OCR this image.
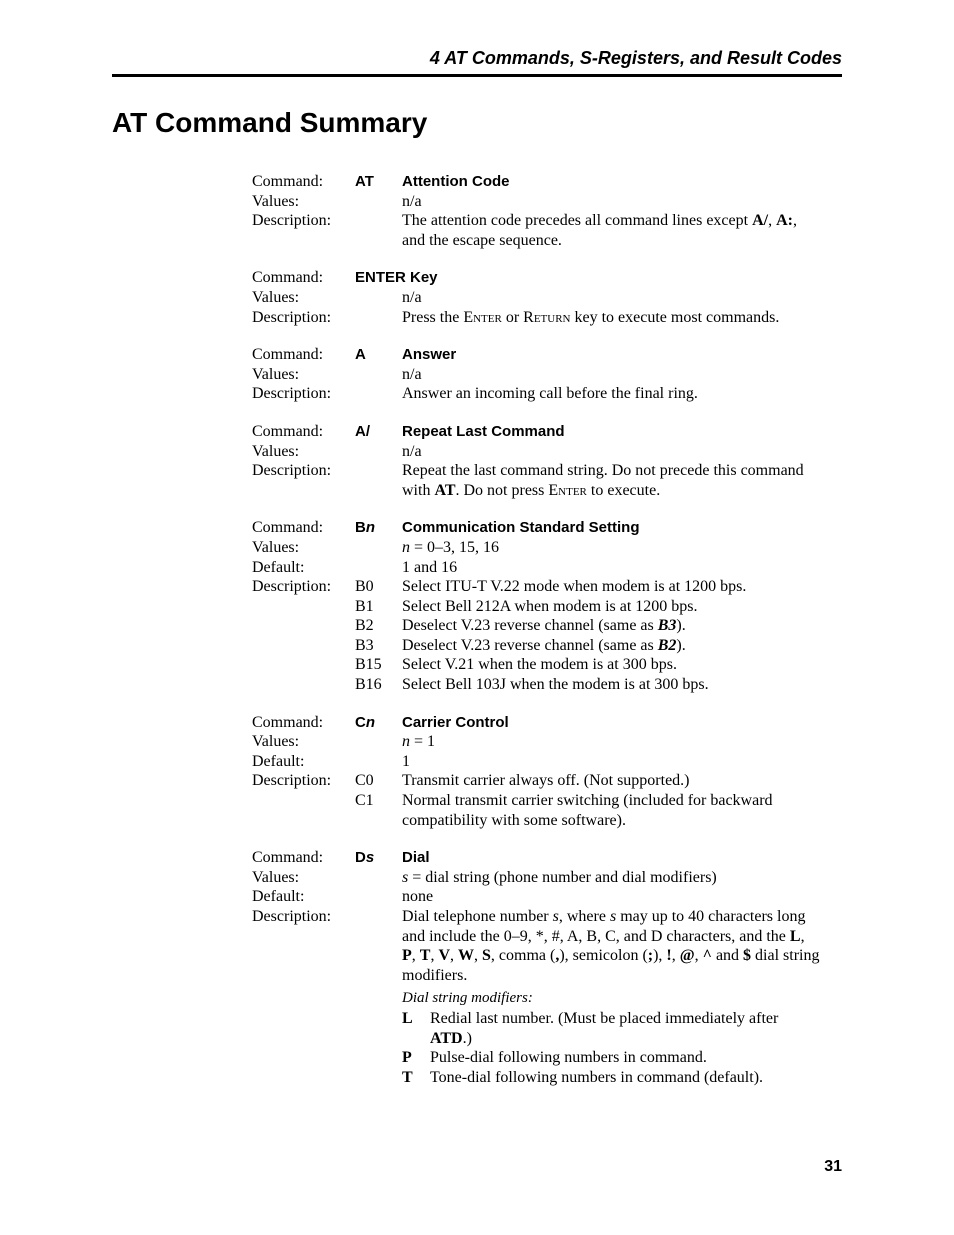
4 AT Commands, S-Registers, and Result Codes
AT Command Summary
Command:	AT	Attention Code
Values:	n/a
Description:	The attention code precedes all command lines except A/, A:,
and the escape sequence.
Command:	ENTER Key
Values:	n/a
Description:	Press the Enter or Return key to execute most commands.
Command:	A	Answer
Values:	n/a
Description:	Answer an incoming call before the final ring.
Command:	A/	Repeat Last Command
Values:	n/a
Description:	Repeat the last command string. Do not precede this command
with AT. Do not press Enter to execute.
Command:	Bn	Communication Standard Setting
Values:	n = 0–3, 15, 16
Default:	1 and 16
Description:	B0	Select ITU-T V.22 mode when modem is at 1200 bps.
B1	Select Bell 212A when modem is at 1200 bps.
B2	Deselect V.23 reverse channel (same as B3).
B3	Deselect V.23 reverse channel (same as B2).
B15	Select V.21 when the modem is at 300 bps.
B16	Select Bell 103J when the modem is at 300 bps.
Command:	Cn	Carrier Control
Values:	n = 1
Default:	1
Description:	C0	Transmit carrier always off. (Not supported.)
C1	Normal transmit carrier switching (included for backward
compatibility with some software).
Command:	Ds	Dial
Values:	s = dial string (phone number and dial modifiers)
Default:	none
Description:	Dial telephone number s, where s may up to 40 characters long
and include the 0–9, *, #, A, B, C, and D characters, and the L,
P, T, V, W, S, comma (,), semicolon (;), !, @, ^ and $ dial string
modifiers.
Dial string modifiers:
L	Redial last number. (Must be placed immediately after
ATD.)
P	Pulse-dial following numbers in command.
T	Tone-dial following numbers in command (default).
31
